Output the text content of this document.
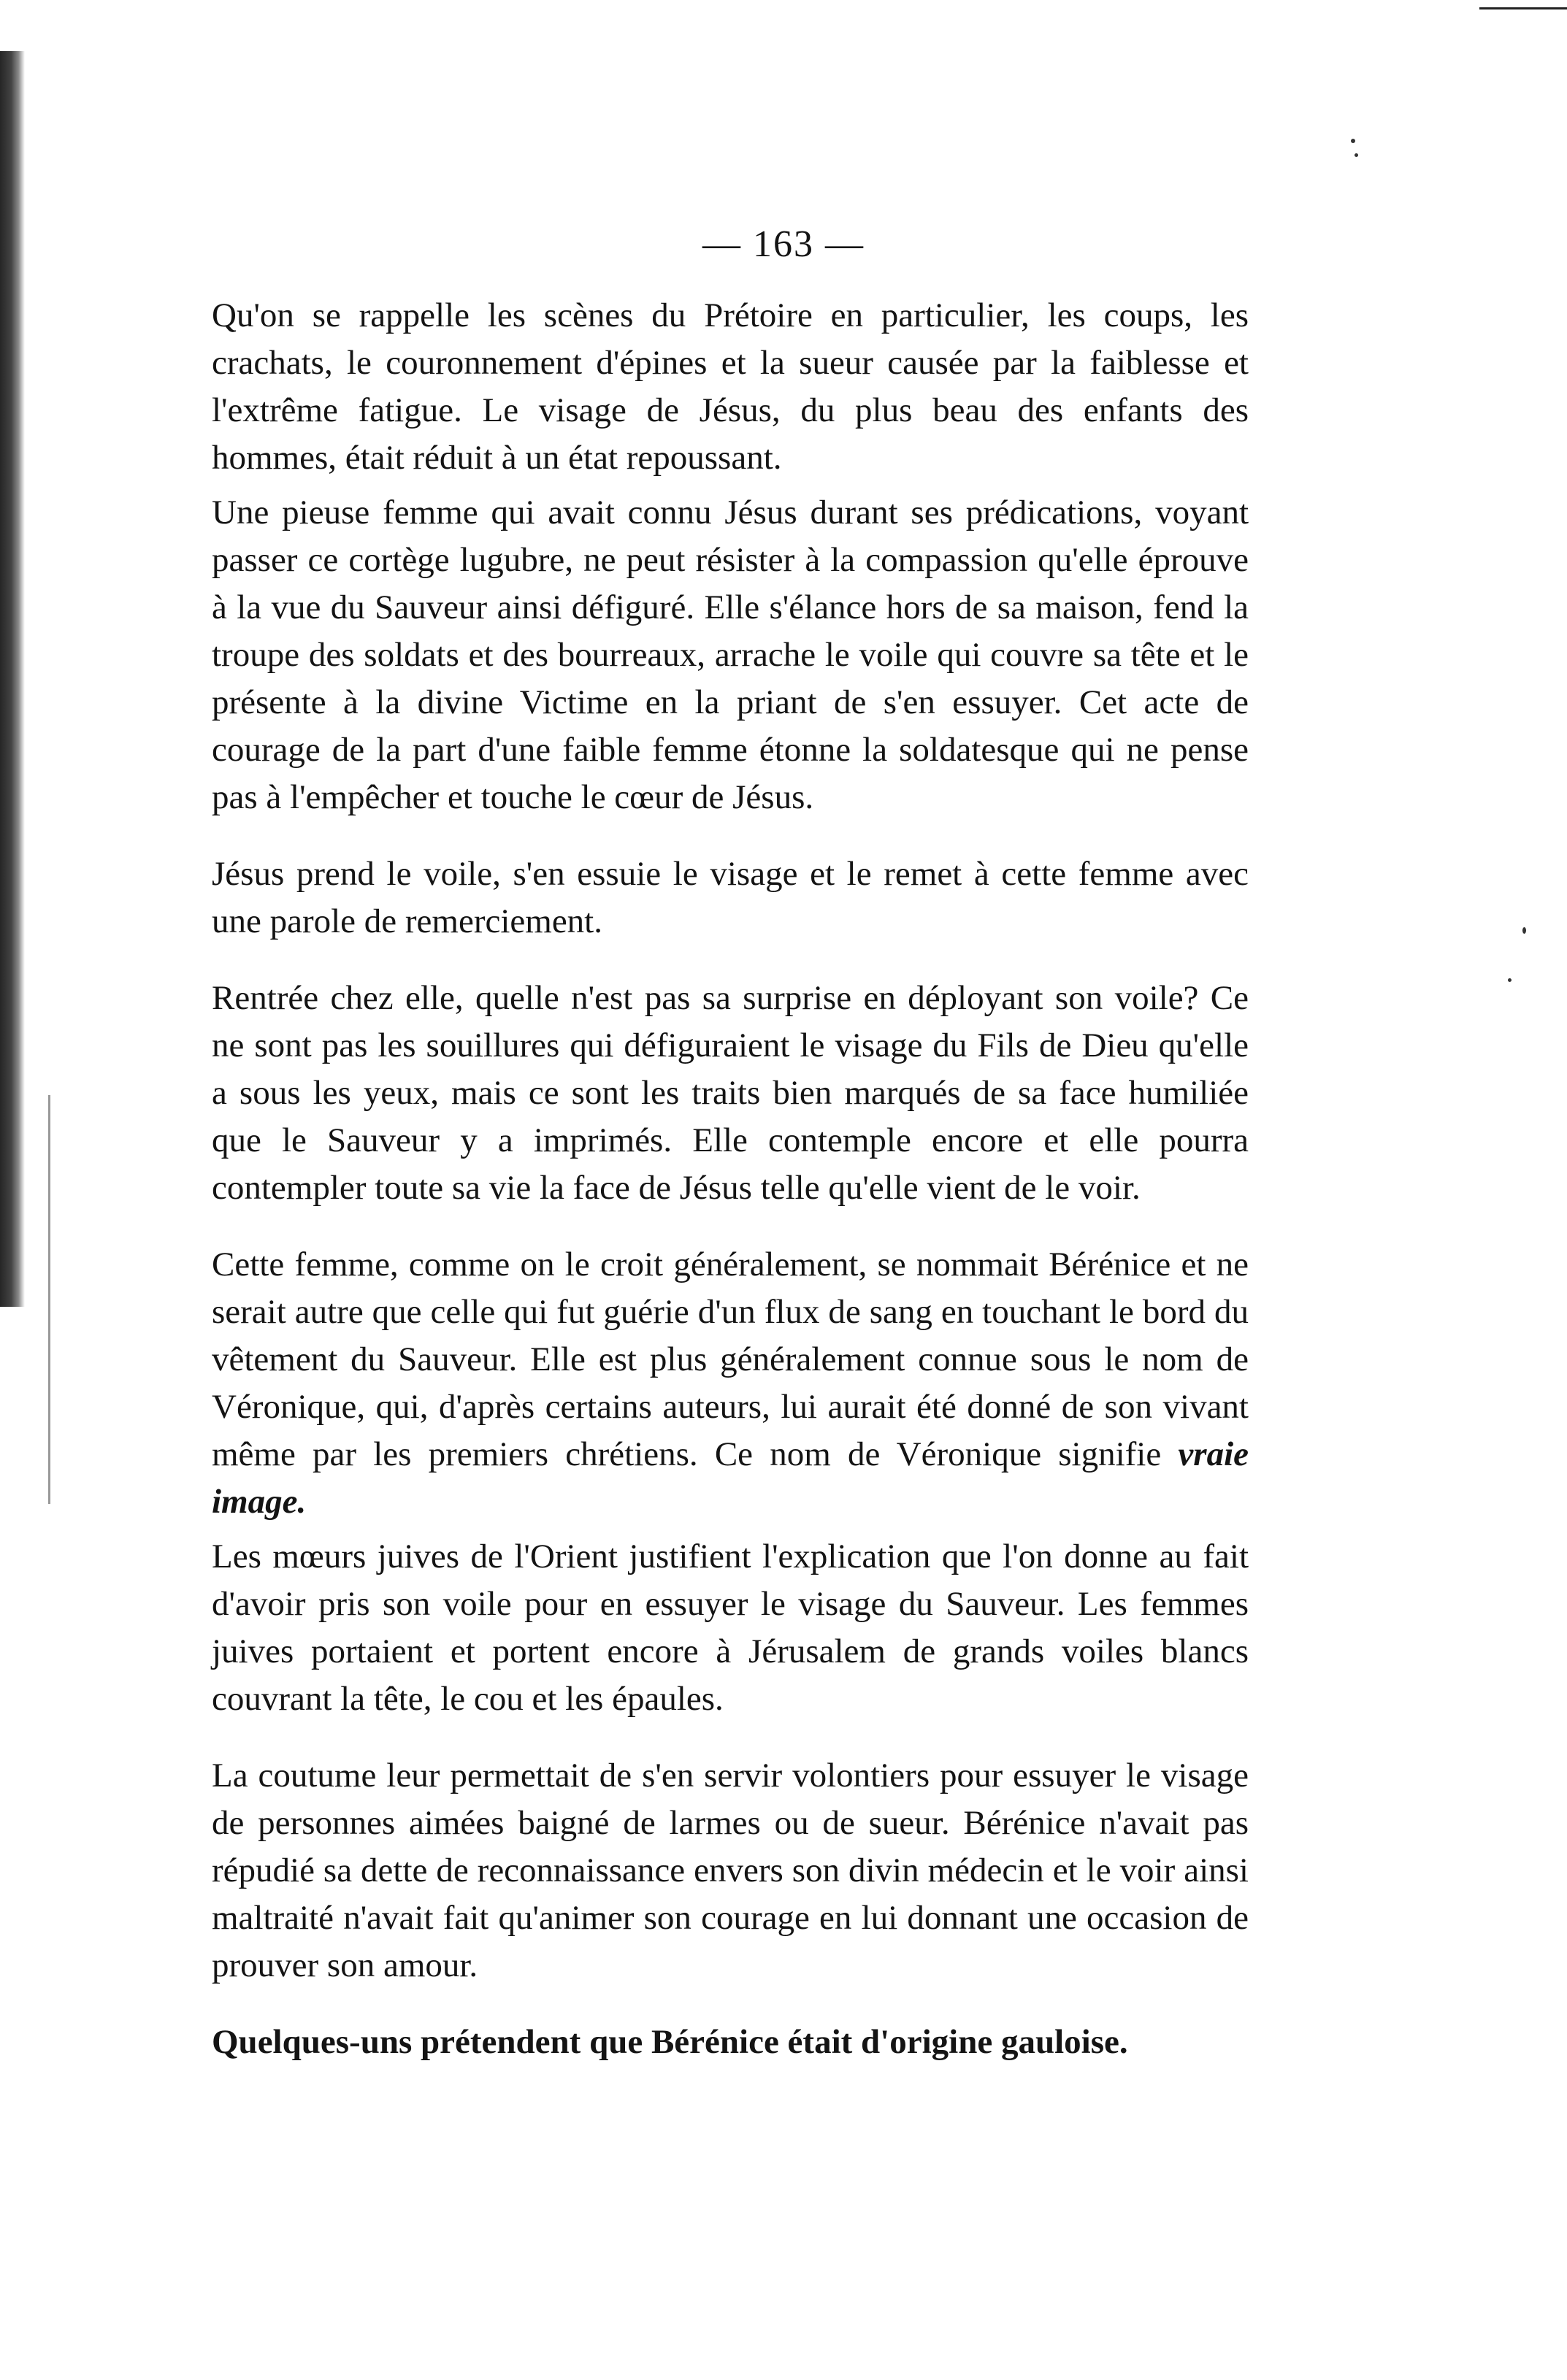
— 163 —

Qu'on se rappelle les scènes du Prétoire en particulier, les coups, les crachats, le couronnement d'épines et la sueur causée par la faiblesse et l'extrême fatigue. Le visage de Jésus, du plus beau des enfants des hommes, était réduit à un état repoussant.

Une pieuse femme qui avait connu Jésus durant ses prédications, voyant passer ce cortège lugubre, ne peut résister à la compassion qu'elle éprouve à la vue du Sauveur ainsi défiguré. Elle s'élance hors de sa maison, fend la troupe des soldats et des bourreaux, arrache le voile qui couvre sa tête et le présente à la divine Victime en la priant de s'en essuyer. Cet acte de courage de la part d'une faible femme étonne la soldatesque qui ne pense pas à l'empêcher et touche le cœur de Jésus.

Jésus prend le voile, s'en essuie le visage et le remet à cette femme avec une parole de remerciement.

Rentrée chez elle, quelle n'est pas sa surprise en déployant son voile? Ce ne sont pas les souillures qui défiguraient le visage du Fils de Dieu qu'elle a sous les yeux, mais ce sont les traits bien marqués de sa face humiliée que le Sauveur y a imprimés. Elle contemple encore et elle pourra contempler toute sa vie la face de Jésus telle qu'elle vient de le voir.

Cette femme, comme on le croit généralement, se nommait Bérénice et ne serait autre que celle qui fut guérie d'un flux de sang en touchant le bord du vêtement du Sauveur. Elle est plus généralement connue sous le nom de Véronique, qui, d'après certains auteurs, lui aurait été donné de son vivant même par les premiers chrétiens. Ce nom de Véronique signifie vraie image.

Les mœurs juives de l'Orient justifient l'explication que l'on donne au fait d'avoir pris son voile pour en essuyer le visage du Sauveur. Les femmes juives portaient et portent encore à Jérusalem de grands voiles blancs couvrant la tête, le cou et les épaules.

La coutume leur permettait de s'en servir volontiers pour essuyer le visage de personnes aimées baigné de larmes ou de sueur. Bérénice n'avait pas répudié sa dette de reconnaissance envers son divin médecin et le voir ainsi maltraité n'avait fait qu'animer son courage en lui donnant une occasion de prouver son amour.

Quelques-uns prétendent que Bérénice était d'origine gauloise.
